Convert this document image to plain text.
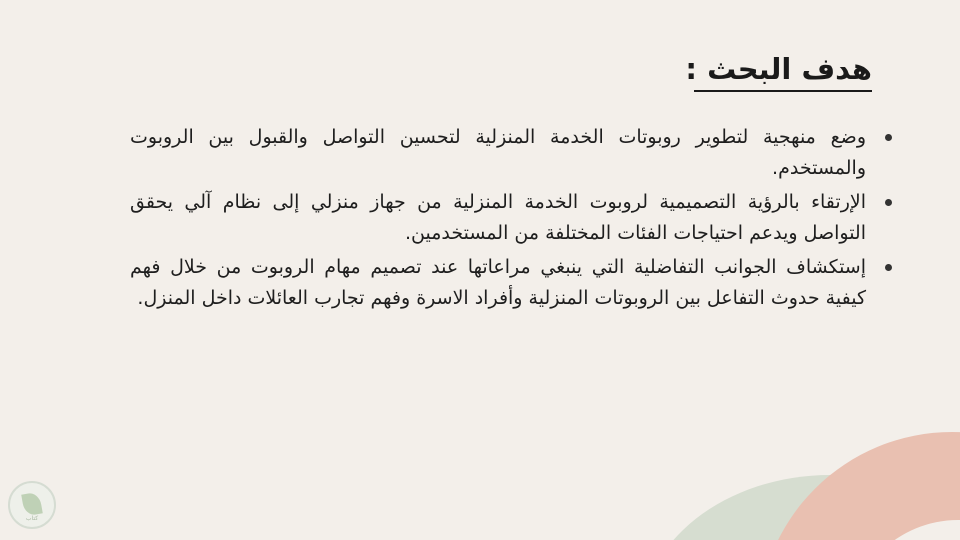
هدف البحث :
وضع منهجية لتطوير روبوتات الخدمة المنزلية لتحسين التواصل والقبول بين الروبوت والمستخدم.
الإرتقاء بالرؤية التصميمية لروبوت الخدمة المنزلية من جهاز منزلي إلى نظام آلي يحقق التواصل ويدعم احتياجات الفئات المختلفة من المستخدمين.
إستكشاف الجوانب التفاضلية التي ينبغي مراعاتها عند تصميم مهام الروبوت من خلال فهم كيفية حدوث التفاعل بين الروبوتات المنزلية وأفراد الاسرة وفهم تجارب العائلات داخل المنزل.
كتاب
